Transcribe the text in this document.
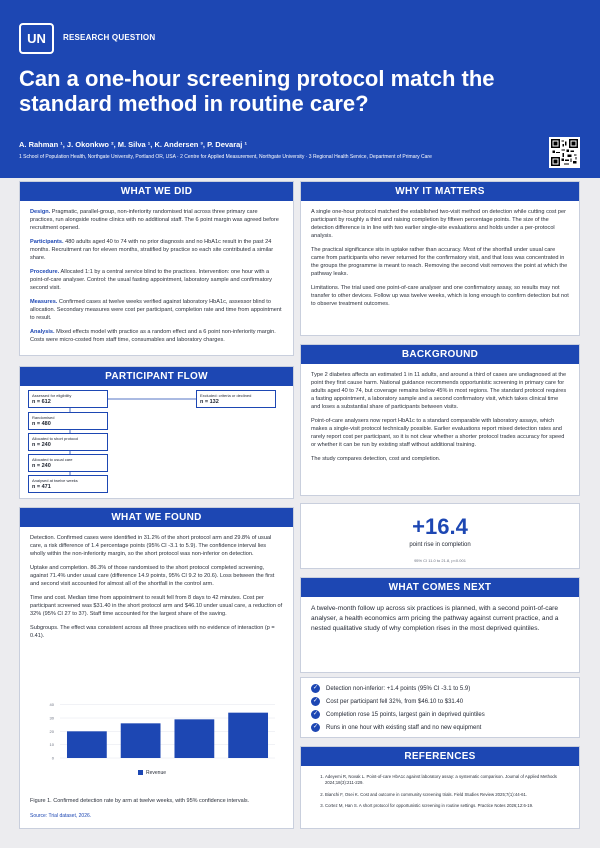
UN	RESEARCH QUESTION
Can a one-hour screening protocol match the standard method in routine care?
A. Rahman ¹, J. Okonkwo ², M. Silva ¹, K. Andersen ³, P. Devaraj ¹
1 School of Population Health, Northgate University, Portland OR, USA · 2 Centre for Applied Measurement, Northgate University · 3 Regional Health Service, Department of Primary Care
WHAT WE DID

Design. Pragmatic, parallel-group, non-inferiority randomised trial across three primary care practices, run alongside routine clinics with no additional staff. The 6 point margin was agreed before recruitment opened.

Participants. 480 adults aged 40 to 74 with no prior diagnosis and no HbA1c result in the past 24 months. Recruitment ran for eleven months, stratified by practice so each site contributed a similar share.

Procedure. Allocated 1:1 by a central service blind to the practices. Intervention: one hour with a point-of-care analyser. Control: the usual fasting appointment, laboratory sample and confirmatory second visit.

Measures. Confirmed cases at twelve weeks verified against laboratory HbA1c, assessor blind to allocation. Secondary measures were cost per participant, completion rate and time from appointment to result.

Analysis. Mixed effects model with practice as a random effect and a 6 point non-inferiority margin. Costs were micro-costed from staff time, consumables and laboratory charges.

PARTICIPANT FLOW
Assessed for eligibility
n = 612
Excluded: criteria or declined
n = 132
Randomised
n = 480
Allocated to short protocol
n = 240
Allocated to usual care
n = 240
Analysed at twelve weeks
n = 471
WHAT WE FOUND

Detection. Confirmed cases were identified in 31.2% of the short protocol arm and 29.8% of usual care, a risk difference of 1.4 percentage points (95% CI -3.1 to 5.9). The confidence interval lies wholly within the non-inferiority margin, so the short protocol was non-inferior on detection.

Uptake and completion. 86.3% of those randomised to the short protocol completed screening, against 71.4% under usual care (difference 14.9 points, 95% CI 9.2 to 20.6). Loss between the first and second visit accounted for almost all of the shortfall in the control arm.

Time and cost. Median time from appointment to result fell from 8 days to 42 minutes. Cost per participant screened was $31.40 in the short protocol arm and $46.10 under usual care, a reduction of 32% (95% CI 27 to 37). Staff time accounted for the largest share of the saving.

Subgroups. The effect was consistent across all three practices with no evidence of interaction (p = 0.41).

0
10
20
30
40
Revenue
Figure 1. Confirmed detection rate by arm at twelve weeks, with 95% confidence intervals.
Source: Trial dataset, 2026.
WHY IT MATTERS

A single one-hour protocol matched the established two-visit method on detection while cutting cost per participant by roughly a third and raising completion by fifteen percentage points. The size of the detection difference is in line with two earlier single-site evaluations and holds under a per-protocol analysis.

The practical significance sits in uptake rather than accuracy. Most of the shortfall under usual care came from participants who never returned for the confirmatory visit, and that loss was concentrated in the groups the programme is meant to reach. Removing the second visit removes the point at which the pathway leaks.

Limitations. The trial used one point-of-care analyser and one confirmatory assay, so results may not transfer to other devices. Follow up was twelve weeks, which is long enough to confirm detection but not to observe treatment outcomes.

BACKGROUND

Type 2 diabetes affects an estimated 1 in 11 adults, and around a third of cases are undiagnosed at the point they first cause harm. National guidance recommends opportunistic screening in primary care for adults aged 40 to 74, but coverage remains below 45% in most regions. The standard protocol requires a fasting appointment, a laboratory sample and a second confirmatory visit, which takes clinical time and loses a substantial share of participants between visits.

Point-of-care analysers now report HbA1c to a standard comparable with laboratory assays, which makes a single-visit protocol technically possible. Earlier evaluations report mixed detection rates and rarely report cost per participant, so it is not clear whether a shorter protocol trades accuracy for speed or whether it can be run by existing staff without additional training.

The study compares detection, cost and completion.

+16.4
point rise in completion
95% CI 11.0 to 21.8, p<0.001
WHAT COMES NEXT
A twelve-month follow up across six practices is planned, with a second point-of-care analyser, a health economics arm pricing the pathway against current practice, and a nested qualitative study of why completion rises in the most deprived quintiles.
✓	Detection non-inferior: +1.4 points (95% CI -3.1 to 5.9)
✓	Cost per participant fell 32%, from $46.10 to $31.40
✓	Completion rose 15 points, largest gain in deprived quintiles
✓	Runs in one hour with existing staff and no new equipment
REFERENCES
1. Adeyemi R, Novak L. Point-of-care HbA1c against laboratory assay: a systematic comparison. Journal of Applied Methods 2024;18(3):211-229.
2. Bianchi F, Osei K. Cost and outcome in community screening trials. Field Studies Review 2025;7(1):44-61.
3. Cortez M, Han S. A short protocol for opportunistic screening in routine settings. Practice Notes 2026;12:6-19.
